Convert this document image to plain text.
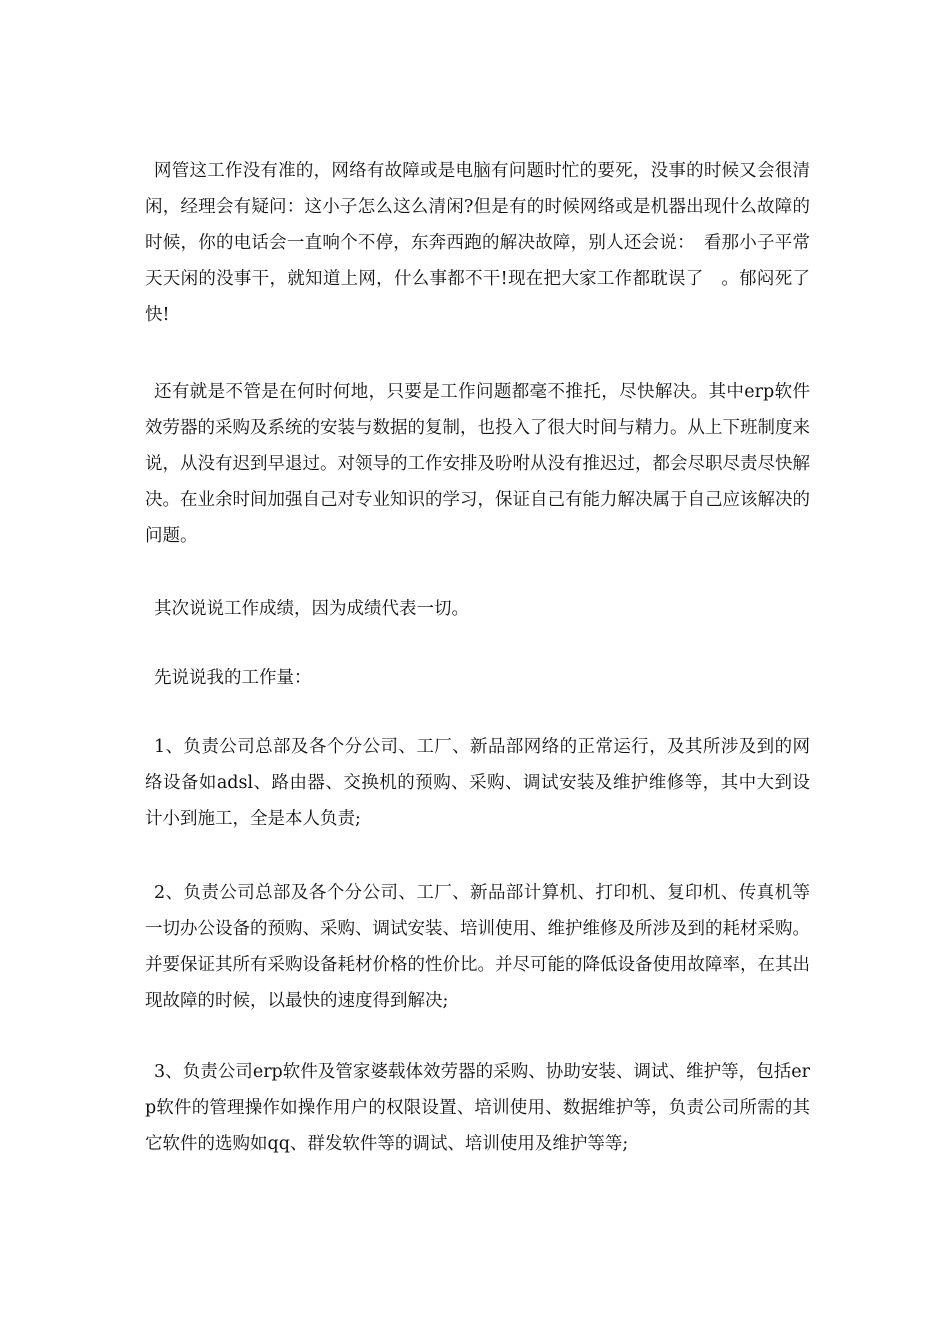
网管这工作没有准的，网络有故障或是电脑有问题时忙的要死，没事的时候又会很清闲，经理会有疑问：这小子怎么这么清闲?但是有的时候网络或是机器出现什么故障的时候，你的电话会一直响个不停，东奔西跑的解决故障，别人还会说：　看那小子平常天天闲的没事干，就知道上网，什么事都不干!现在把大家工作都耽误了　。郁闷死了快!

还有就是不管是在何时何地，只要是工作问题都毫不推托，尽快解决。其中erp软件效劳器的采购及系统的安装与数据的复制，也投入了很大时间与精力。从上下班制度来说，从没有迟到早退过。对领导的工作安排及吩咐从没有推迟过，都会尽职尽责尽快解决。在业余时间加强自己对专业知识的学习，保证自己有能力解决属于自己应该解决的问题。

其次说说工作成绩，因为成绩代表一切。

先说说我的工作量：

1、负责公司总部及各个分公司、工厂、新品部网络的正常运行，及其所涉及到的网络设备如adsl、路由器、交换机的预购、采购、调试安装及维护维修等，其中大到设计小到施工，全是本人负责;

2、负责公司总部及各个分公司、工厂、新品部计算机、打印机、复印机、传真机等一切办公设备的预购、采购、调试安装、培训使用、维护维修及所涉及到的耗材采购。并要保证其所有采购设备耗材价格的性价比。并尽可能的降低设备使用故障率，在其出现故障的时候，以最快的速度得到解决;

3、负责公司erp软件及管家婆载体效劳器的采购、协助安装、调试、维护等，包括erp软件的管理操作如操作用户的权限设置、培训使用、数据维护等，负责公司所需的其它软件的选购如qq、群发软件等的调试、培训使用及维护等等;
